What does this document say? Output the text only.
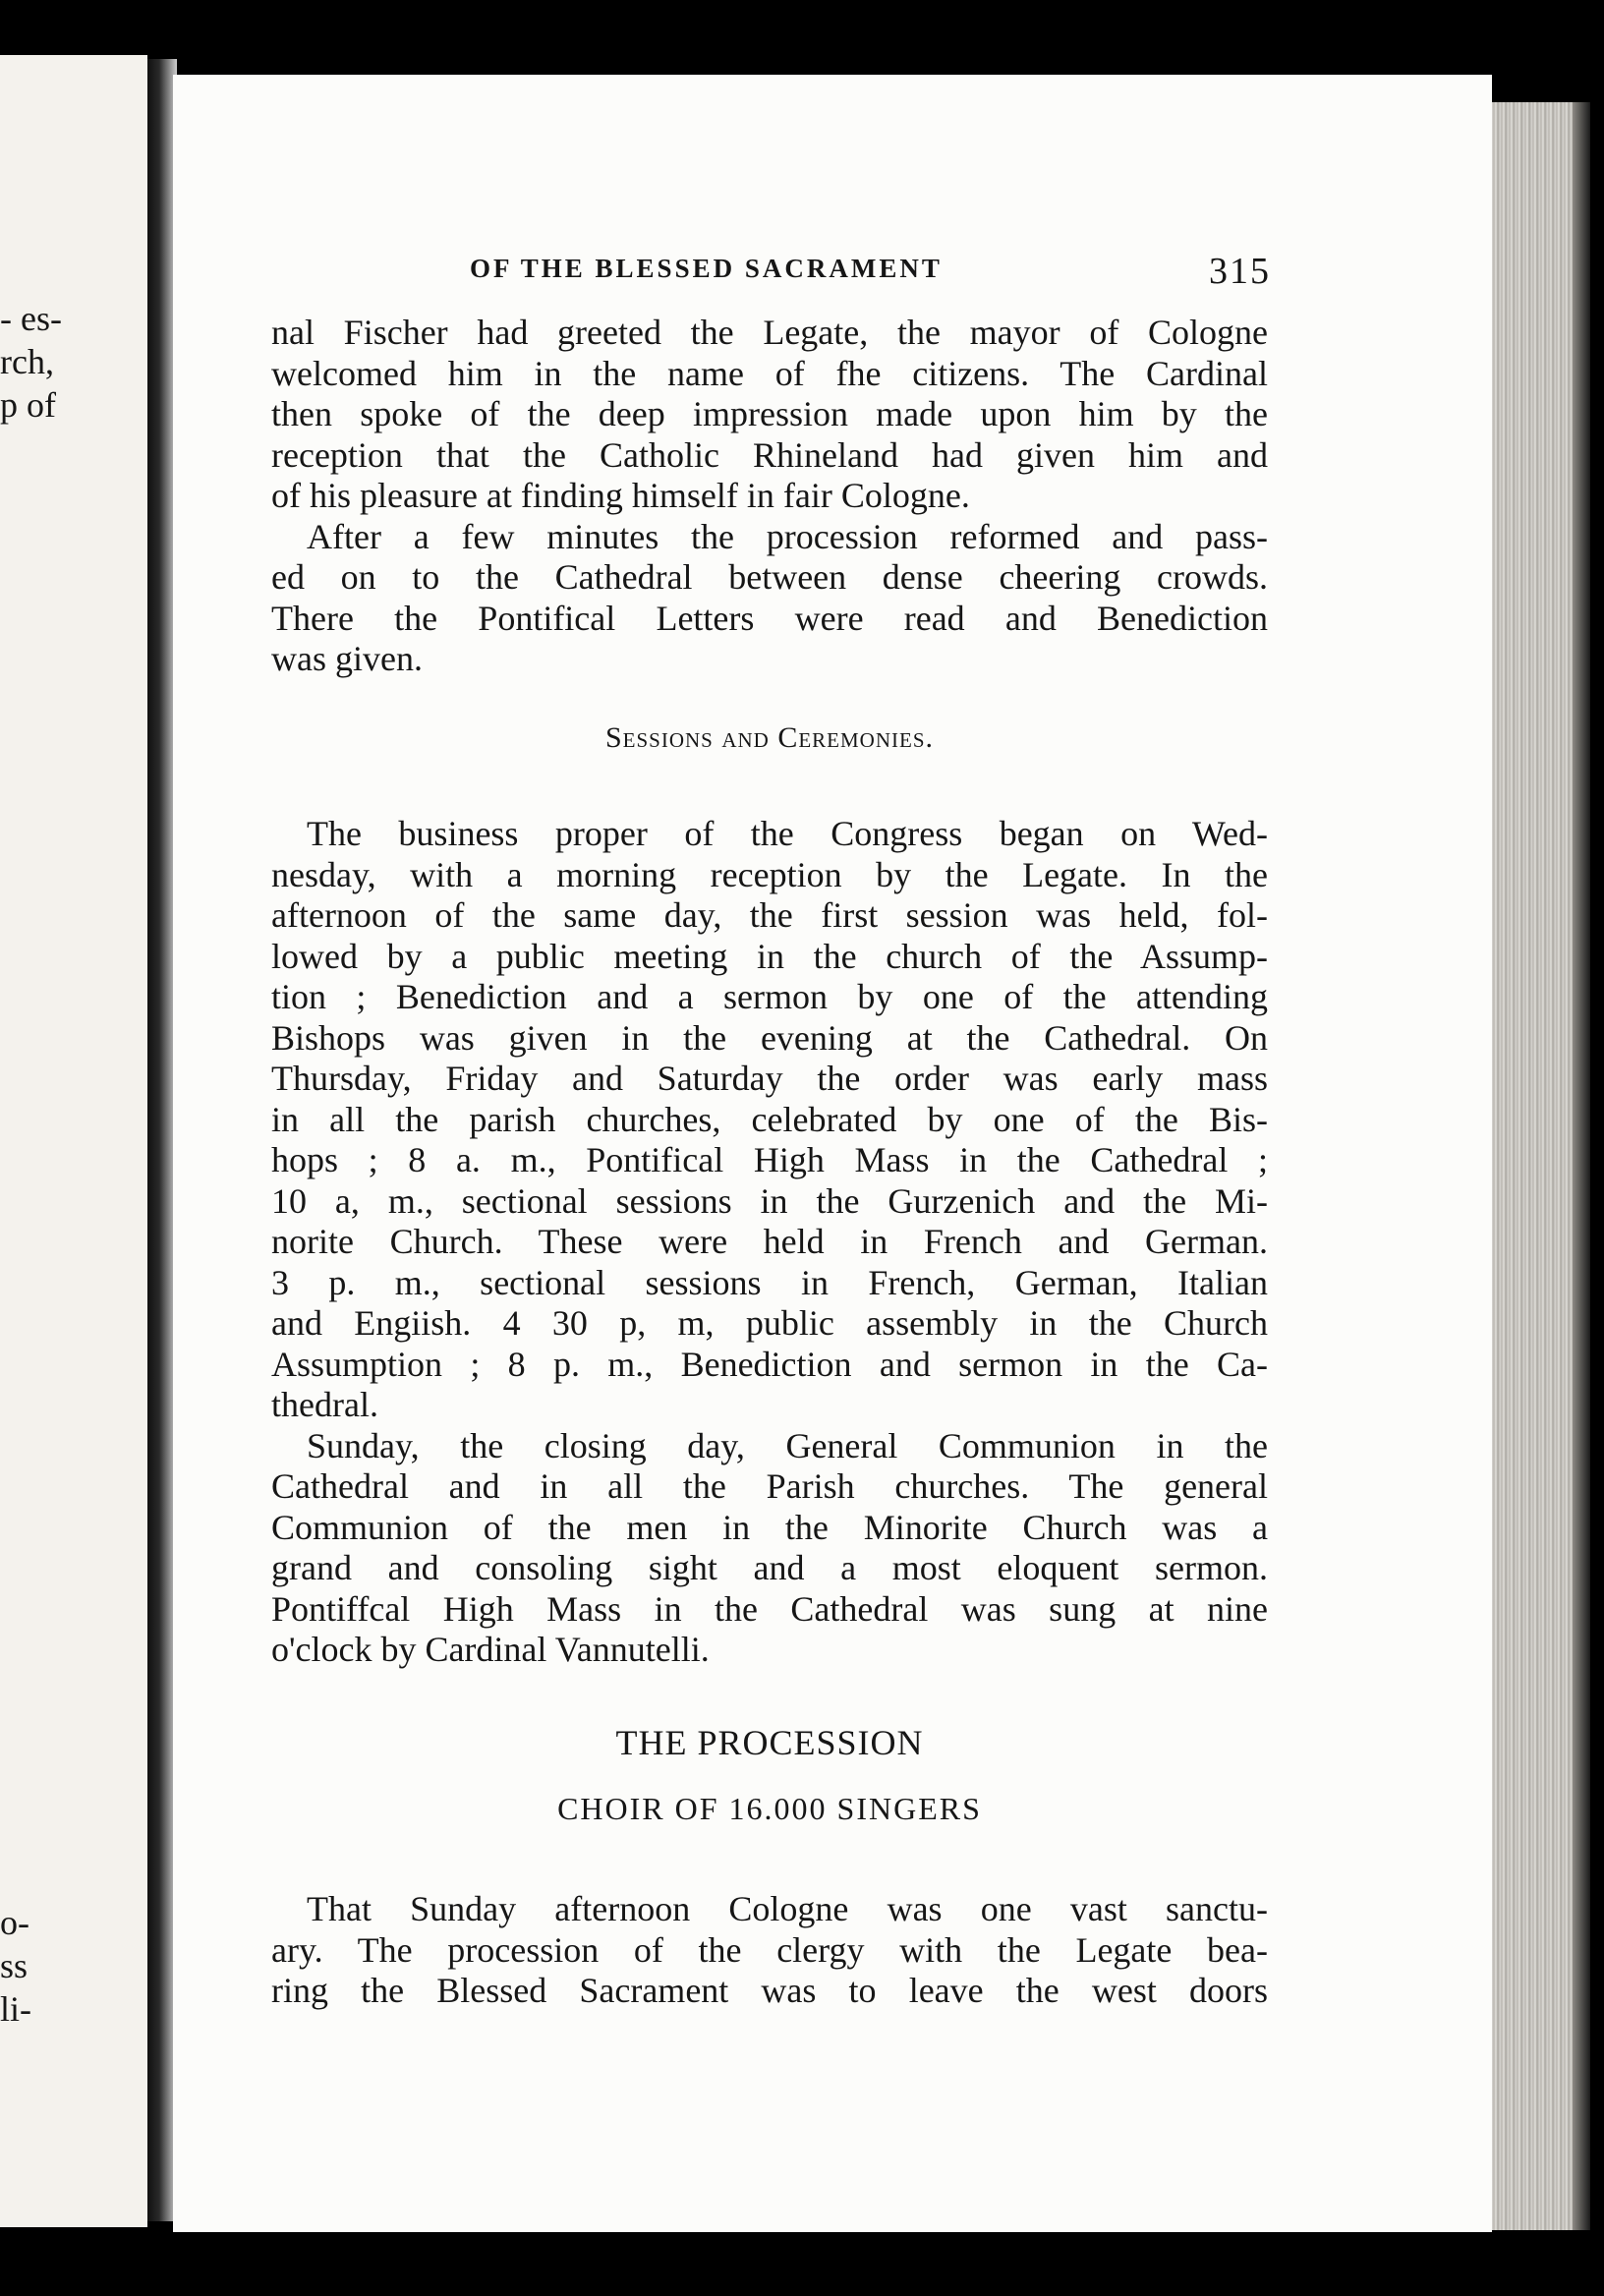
- es-
rch,
p of
o-
ss
li-
OF THE BLESSED SACRAMENT	315

nal Fischer had greeted the Legate, the mayor of Cologne

welcomed him in the name of fhe citizens. The Cardinal

then spoke of the deep impression made upon him by the

reception that the Catholic Rhineland had given him and

of his pleasure at finding himself in fair Cologne.

After a few minutes the procession reformed and pass-

ed on to the Cathedral between dense cheering crowds.

There the Pontifical Letters were read and Benediction

was given.

Sessions and Ceremonies.

The business proper of the Congress began on Wed-

nesday, with a morning reception by the Legate. In the

afternoon of the same day, the first session was held, fol-

lowed by a public meeting in the church of the Assump-

tion ; Benediction and a sermon by one of the attending

Bishops was given in the evening at the Cathedral. On

Thursday, Friday and Saturday the order was early mass

in all the parish churches, celebrated by one of the Bis-

hops ; 8 a. m., Pontifical High Mass in the Cathedral ;

10 a, m., sectional sessions in the Gurzenich and the Mi-

norite Church. These were held in French and German.

3 p. m., sectional sessions in French, German, Italian

and Engiish. 4 30 p, m, public assembly in the Church

Assumption ; 8 p. m., Benediction and sermon in the Ca-

thedral.

Sunday, the closing day, General Communion in the

Cathedral and in all the Parish churches. The general

Communion of the men in the Minorite Church was a

grand and consoling sight and a most eloquent sermon.

Pontiffcal High Mass in the Cathedral was sung at nine

o'clock by Cardinal Vannutelli.

THE PROCESSION
CHOIR OF 16.000 SINGERS

That Sunday afternoon Cologne was one vast sanctu-

ary. The procession of the clergy with the Legate bea-

ring the Blessed Sacrament was to leave the west doors
